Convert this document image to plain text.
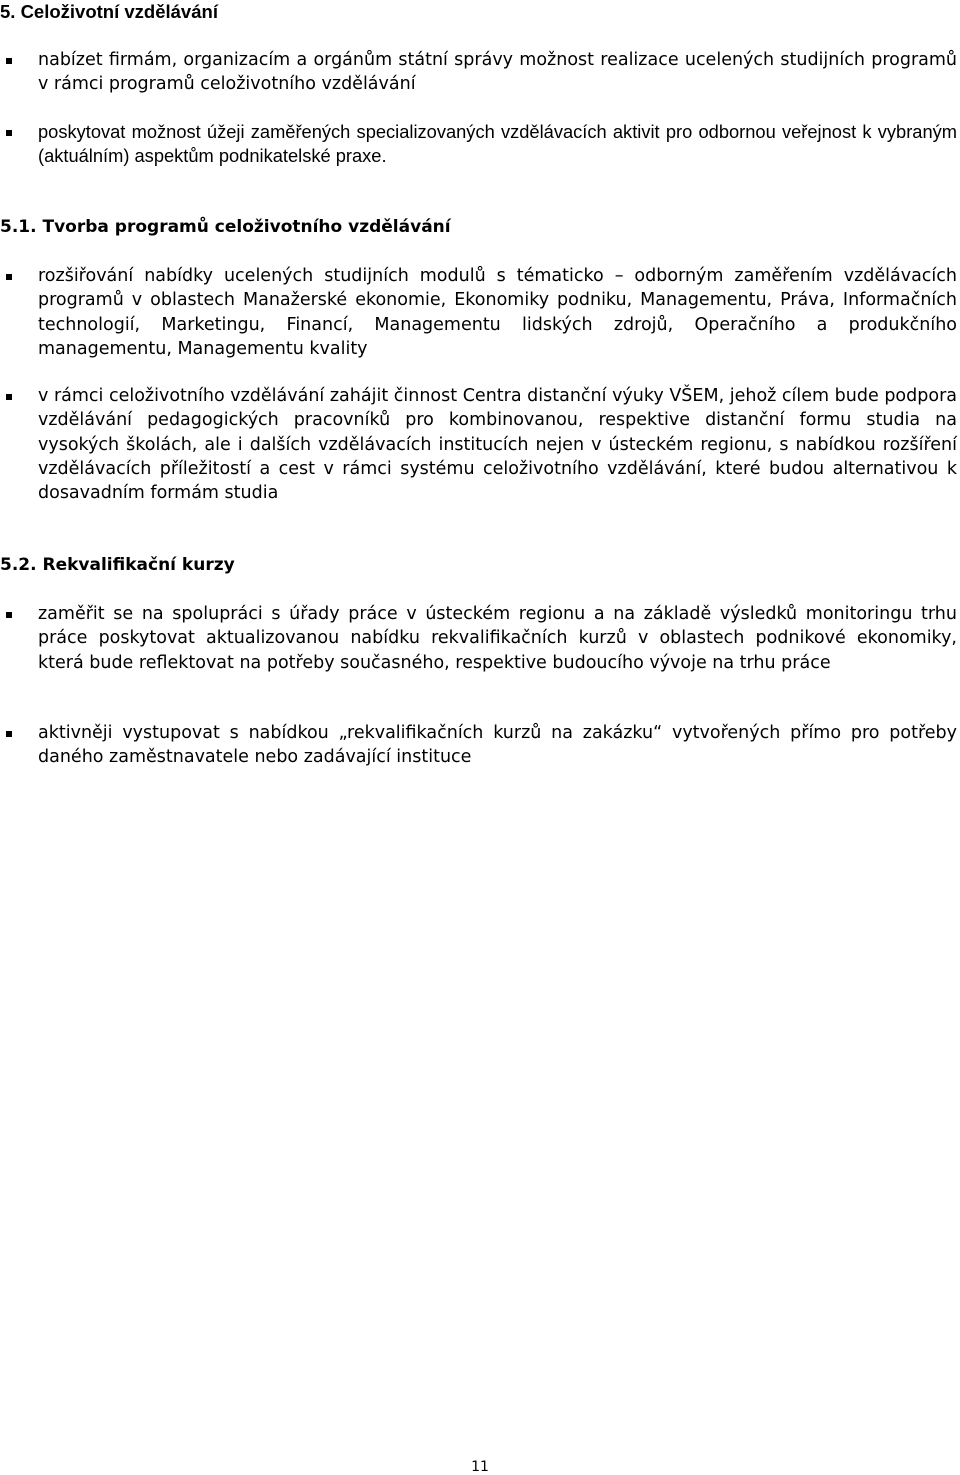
5. Celoživotní vzdělávání

nabízet firmám, organizacím a orgánům státní správy možnost realizace ucelených studijních programů v rámci programů celoživotního vzdělávání

poskytovat možnost úžeji zaměřených specializovaných vzdělávacích aktivit pro odbornou veřejnost k vybraným (aktuálním) aspektům podnikatelské praxe.

5.1. Tvorba programů celoživotního vzdělávání

rozšiřování nabídky ucelených studijních modulů s tématicko – odborným zaměřením vzdělávacích programů v oblastech Manažerské ekonomie, Ekonomiky podniku, Managementu, Práva, Informačních technologií, Marketingu, Financí, Managementu lidských zdrojů, Operačního a produkčního managementu, Managementu kvality

v rámci celoživotního vzdělávání zahájit činnost Centra distanční výuky VŠEM, jehož cílem bude podpora vzdělávání pedagogických pracovníků pro kombinovanou, respektive distanční formu studia na vysokých školách, ale i dalších vzdělávacích institucích nejen v ústeckém regionu, s nabídkou rozšíření vzdělávacích příležitostí a cest v rámci systému celoživotního vzdělávání, které budou alternativou k dosavadním formám studia

5.2. Rekvalifikační kurzy

zaměřit se na spolupráci s úřady práce v ústeckém regionu a na základě výsledků monitoringu trhu práce poskytovat aktualizovanou nabídku rekvalifikačních kurzů v oblastech podnikové ekonomiky, která bude reflektovat na potřeby současného, respektive budoucího vývoje na trhu práce

aktivněji vystupovat s nabídkou „rekvalifikačních kurzů na zakázku“ vytvořených přímo pro potřeby daného zaměstnavatele nebo zadávající instituce

11
